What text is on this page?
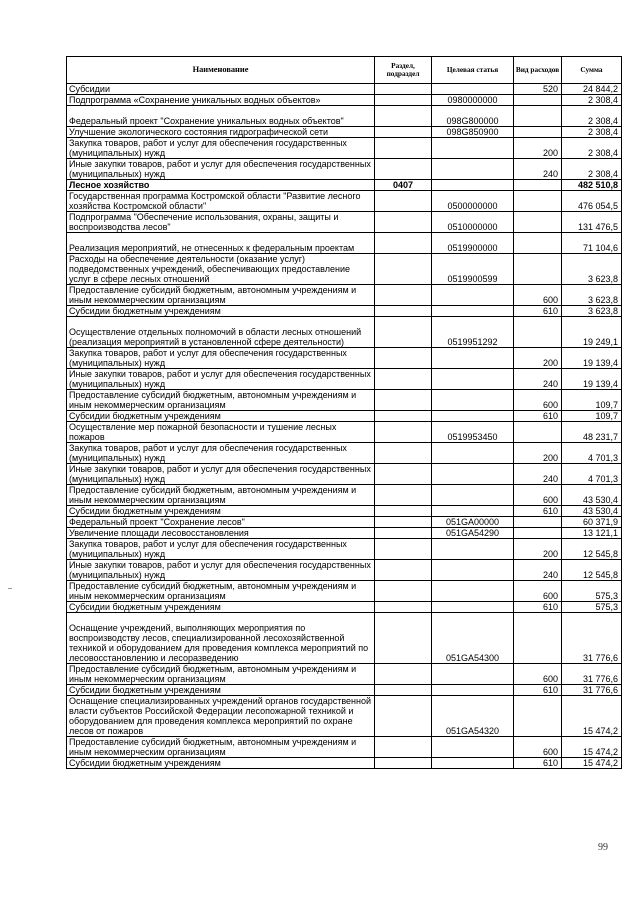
Наименование	Раздел, подраздел	Целевая статья	Вид расходов	Сумма
Субсидии			520	24 844,2
Подпрограмма «Сохранение уникальных водных объектов»		0980000000		2 308,4
Федеральный проект "Сохранение уникальных водных объектов"		098G800000		2 308,4
Улучшение экологического состояния гидрографической сети		098G850900		2 308,4
Закупка товаров, работ и услуг для обеспечения государственных (муниципальных) нужд			200	2 308,4
Иные закупки товаров, работ и услуг для обеспечения государственных (муниципальных) нужд			240	2 308,4
Лесное хозяйство	0407			482 510,8
Государственная программа Костромской области "Развитие лесного хозяйства Костромской области"		0500000000		476 054,5
Подпрограмма "Обеспечение использования, охраны, защиты и воспроизводства лесов"		0510000000		131 476,5
Реализация мероприятий, не отнесенных к федеральным проектам		0519900000		71 104,6
Расходы на обеспечение деятельности (оказание услуг) подведомственных учреждений, обеспечивающих предоставление услуг в сфере лесных отношений		0519900599		3 623,8
Предоставление субсидий бюджетным, автономным учреждениям и иным некоммерческим организациям			600	3 623,8
Субсидии бюджетным учреждениям			610	3 623,8
Осуществление отдельных полномочий в области лесных отношений (реализация мероприятий в установленной сфере деятельности)		0519951292		19 249,1
Закупка товаров, работ и услуг для обеспечения государственных (муниципальных) нужд			200	19 139,4
Иные закупки товаров, работ и услуг для обеспечения государственных (муниципальных) нужд			240	19 139,4
Предоставление субсидий бюджетным, автономным учреждениям и иным некоммерческим организациям			600	109,7
Субсидии бюджетным учреждениям			610	109,7
Осуществление мер пожарной безопасности и тушение лесных пожаров		0519953450		48 231,7
Закупка товаров, работ и услуг для обеспечения государственных (муниципальных) нужд			200	4 701,3
Иные закупки товаров, работ и услуг для обеспечения государственных (муниципальных) нужд			240	4 701,3
Предоставление субсидий бюджетным, автономным учреждениям и иным некоммерческим организациям			600	43 530,4
Субсидии бюджетным учреждениям			610	43 530,4
Федеральный проект "Сохранение лесов"		051GA00000		60 371,9
Увеличение площади лесовосстановления		051GA54290		13 121,1
Закупка товаров, работ и услуг для обеспечения государственных (муниципальных) нужд			200	12 545,8
Иные закупки товаров, работ и услуг для обеспечения государственных (муниципальных) нужд			240	12 545,8
Предоставление субсидий бюджетным, автономным учреждениям и иным некоммерческим организациям			600	575,3
Субсидии бюджетным учреждениям			610	575,3
Оснащение учреждений, выполняющих мероприятия по воспроизводству лесов, специализированной лесохозяйственной техникой и оборудованием для проведения комплекса мероприятий по лесовосстановлению и лесоразведению		051GA54300		31 776,6
Предоставление субсидий бюджетным, автономным учреждениям и иным некоммерческим организациям			600	31 776,6
Субсидии бюджетным учреждениям			610	31 776,6
Оснащение специализированных учреждений органов государственной власти субъектов Российской Федерации лесопожарной техникой и оборудованием для проведения комплекса мероприятий по охране лесов от пожаров		051GA54320		15 474,2
Предоставление субсидий бюджетным, автономным учреждениям и иным некоммерческим организациям			600	15 474,2
Субсидии бюджетным учреждениям			610	15 474,2
99
